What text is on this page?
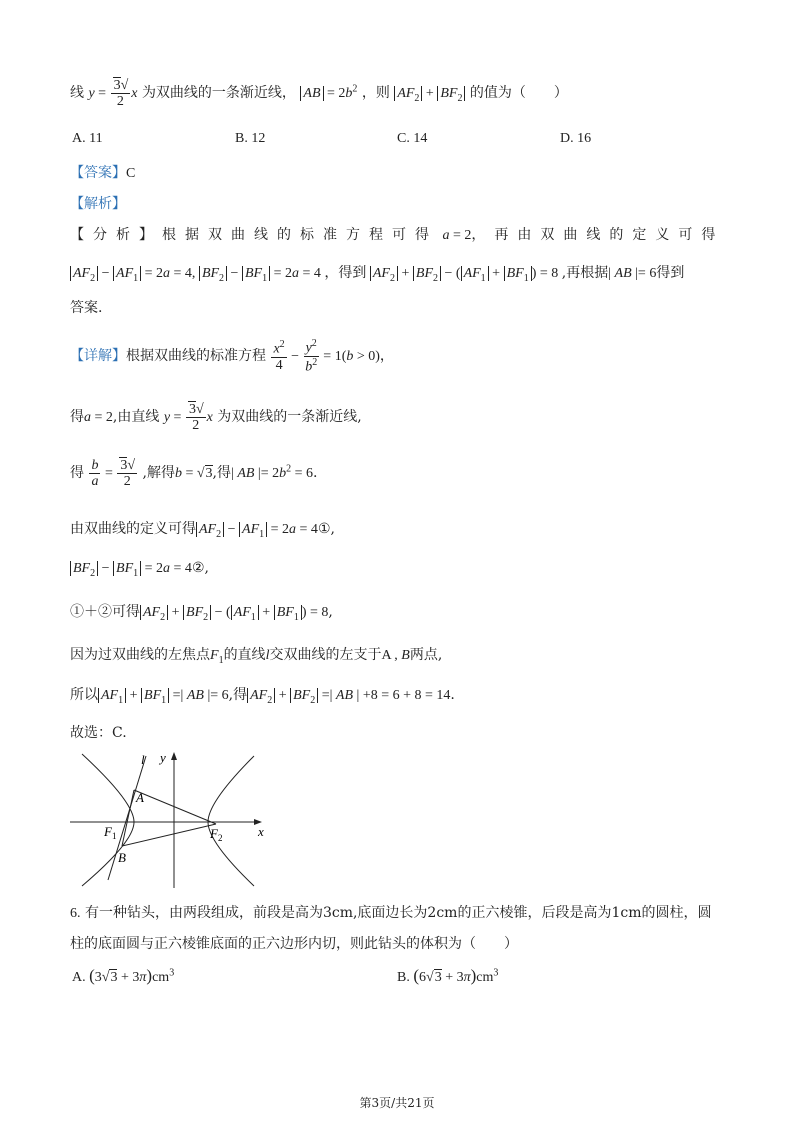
线 $y = \frac{3√}{2}$ x 为双曲线的一条渐近线， AB = $2b^2$ ，则 $AF_2 + BF_2$ 的值为（　　）
A. 11	B. 12	C. 14	D. 16
【答案】C
【解析】
【分析】根据双曲线的标准方程可得 a = 2，再由双曲线的定义可得
$AF_2 - AF_1 = 2a = 4$, $BF_2 - BF_1 = 2a = 4$ ，得到 $AF_2 + BF_2$ − ( $AF_1 + BF_1$ ) = 8 ,再根据| AB |= 6得到
答案.
【详解】根据双曲线的标准方程 $\frac{x^2}{4} - \frac{y^2}{b^2} = 1(b > 0)$，
得a = 2,由直线 $y = \frac{3√}{2}$ x 为双曲线的一条渐近线,
得 $\frac{b}{a} = \frac{3√}{2}$ ,解得b = √3,得| AB |= $2b^2 = 6$.
由双曲线的定义可得 $AF_2 - AF_1 = 2a$ = 4①,
$BF_2 - BF_1 = 2a$ = 4②,
①＋②可得 $AF_2 + BF_2$ − ( $AF_1 + BF_1$ ) = 8,
因为过双曲线的左焦点$F_1$的直线l交双曲线的左支于A , B两点,
所以 $AF_1 + BF_1$ =| AB |= 6,得 $AF_2 + BF_2$ =| AB | +8 = 6 + 8 = 14.
故选：C.
y
x
l
A
B
$F_1$	$F_2$
6. 有一种钻头，由两段组成，前段是高为3cm,底面边长为2cm的正六棱锥，后段是高为1cm的圆柱，圆
柱的底面圆与正六棱锥底面的正六边形内切，则此钻头的体积为（　　）
A. $(3√3 + 3\pi)cm^3$	B. $(6√3 + 3\pi)cm^3$
第3页/共21页
